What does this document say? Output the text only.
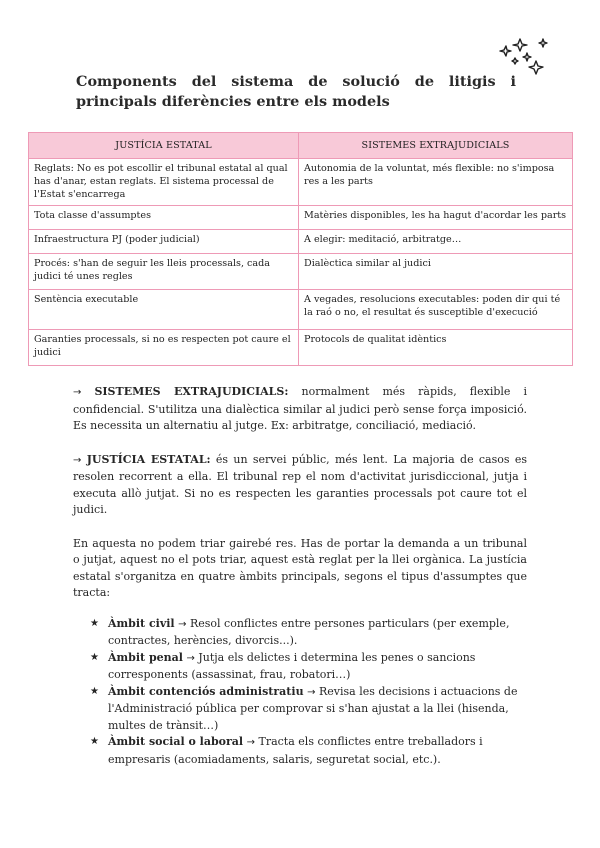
Components del sistema de solució de litigis i principals diferències entre els models
JUSTÍCIA ESTATAL	SISTEMES EXTRAJUDICIALS
Reglats: No es pot escollir el tribunal estatal al qual has d'anar, estan reglats. El sistema processal de l'Estat s'encarrega	Autonomia de la voluntat, més flexible: no s'imposa res a les parts
Tota classe d'assumptes	Matèries disponibles, les ha hagut d'acordar les parts
Infraestructura PJ (poder judicial)	A elegir: meditació, arbitratge…
Procés: s'han de seguir les lleis processals, cada judici té unes regles	Dialèctica similar al judici
Sentència executable	A vegades, resolucions executables: poden dir qui té la raó o no, el resultat és susceptible d'execució
Garanties processals, si no es respecten pot caure el judici	Protocols de qualitat idèntics

→ SISTEMES EXTRAJUDICIALS: normalment més ràpids, flexible i confidencial. S'utilitza una dialèctica similar al judici però sense força imposició. Es necessita un alternatiu al jutge. Ex: arbitratge, conciliació, mediació.

→ JUSTÍCIA ESTATAL: és un servei públic, més lent. La majoria de casos es resolen recorrent a ella. El tribunal rep el nom d'activitat jurisdiccional, jutja i executa allò jutjat. Si no es respecten les garanties processals pot caure tot el judici.

En aquesta no podem triar gairebé res. Has de portar la demanda a un tribunal o jutjat, aquest no el pots triar, aquest està reglat per la llei orgànica. La justícia estatal s'organitza en quatre àmbits principals, segons el tipus d'assumptes que tracta:

★ Àmbit civil → Resol conflictes entre persones particulars (per exemple, contractes, herències, divorcis...).
★ Àmbit penal → Jutja els delictes i determina les penes o sancions corresponents (assassinat, frau, robatori…)
★ Àmbit contenciós administratiu → Revisa les decisions i actuacions de l'Administració pública per comprovar si s'han ajustat a la llei (hisenda, multes de trànsit…)
★ Àmbit social o laboral → Tracta els conflictes entre treballadors i empresaris (acomiadaments, salaris, seguretat social, etc.).
